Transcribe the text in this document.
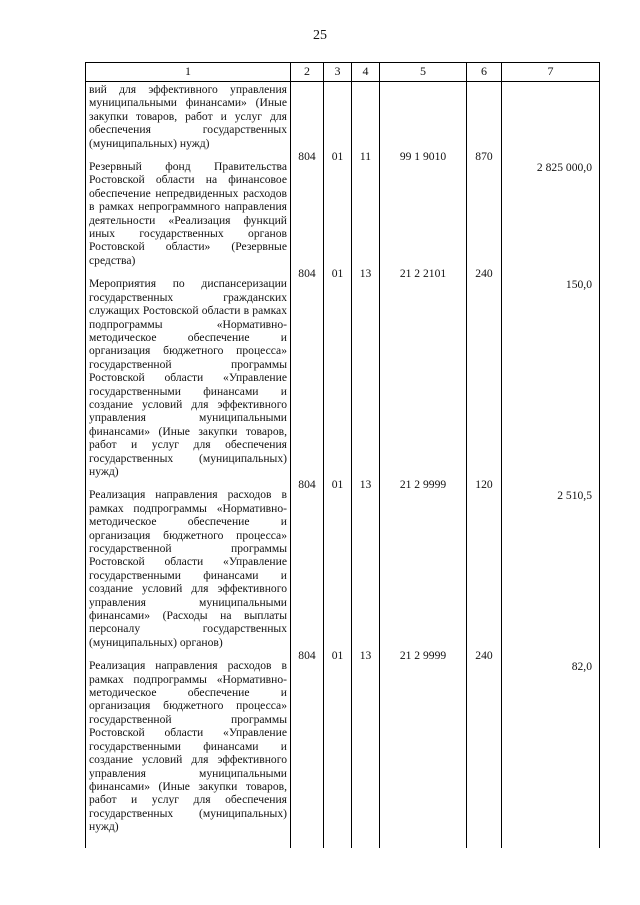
25
1	2	3	4	5	6	7
вий для эффективного управления муниципальными финансами» (Иные закупки товаров, работ и услуг для обеспечения государственных (муниципальных) нужд)						
Резервный фонд Правительства Ростовской области на финансовое обеспечение непредвиденных расходов в рамках непрограммного направления деятельности «Реализация функций иных государственных органов Ростовской области» (Резервные средства)	804	01	11	99 1 9010	870	2 825 000,0
Мероприятия по диспансеризации государственных гражданских служащих Ростовской области в рамках подпрограммы «Нормативно-методическое обеспечение и организация бюджетного процесса» государственной программы Ростовской области «Управление государственными финансами и создание условий для эффективного управления муниципальными финансами» (Иные закупки товаров, работ и услуг для обеспечения государственных (муниципальных) нужд)	804	01	13	21 2 2101	240	150,0
Реализация направления расходов в рамках подпрограммы «Нормативно-методическое обеспечение и организация бюджетного процесса» государственной программы Ростовской области «Управление государственными финансами и создание условий для эффективного управления муниципальными финансами» (Расходы на выплаты персоналу государственных (муниципальных) органов)	804	01	13	21 2 9999	120	2 510,5
Реализация направления расходов в рамках подпрограммы «Нормативно-методическое обеспечение и организация бюджетного процесса» государственной программы Ростовской области «Управление государственными финансами и создание условий для эффективного управления муниципальными финансами» (Иные закупки товаров, работ и услуг для обеспечения государственных (муниципальных) нужд)	804	01	13	21 2 9999	240	82,0
